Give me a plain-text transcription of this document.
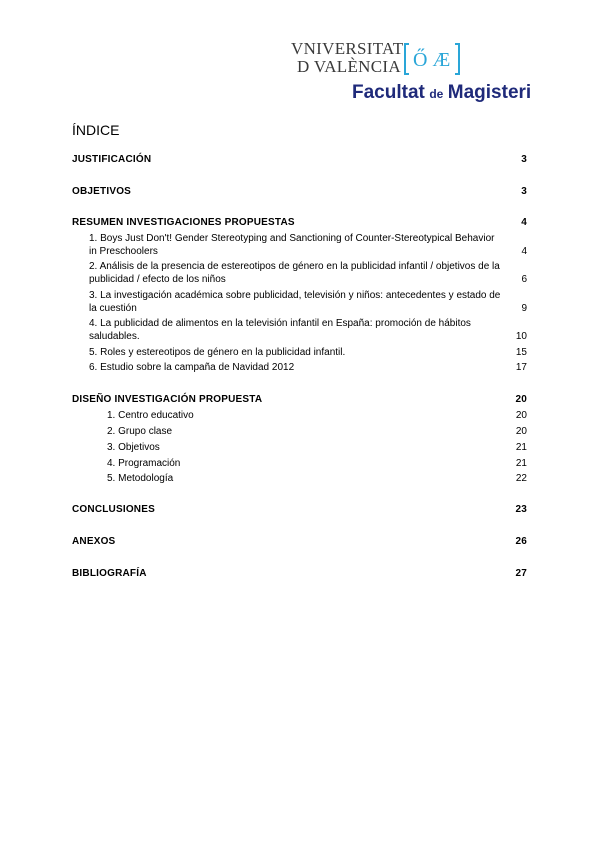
VNIVERSITAT
D VALÈNCIA Ő Æ
Facultat de Magisteri
ÍNDICE
JUSTIFICACIÓN	3
OBJETIVOS	3
RESUMEN INVESTIGACIONES PROPUESTAS	4
1. Boys Just Don't! Gender Stereotyping and Sanctioning of Counter-Stereotypical Behavior in Preschoolers	4
2. Análisis de la presencia de estereotipos de género en la publicidad infantil / objetivos de la publicidad / efecto de los niños	6
3. La investigación académica sobre publicidad, televisión y niños: antecedentes y estado de la cuestión	9
4. La publicidad de alimentos en la televisión infantil en España: promoción de hábitos saludables.	10
5. Roles y estereotipos de género en la publicidad infantil.	15
6. Estudio sobre la campaña de Navidad 2012	17
DISEÑO INVESTIGACIÓN PROPUESTA	20
1. Centro educativo	20
2. Grupo clase	20
3. Objetivos	21
4. Programación	21
5. Metodología	22
CONCLUSIONES	23
ANEXOS	26
BIBLIOGRAFÍA	27
